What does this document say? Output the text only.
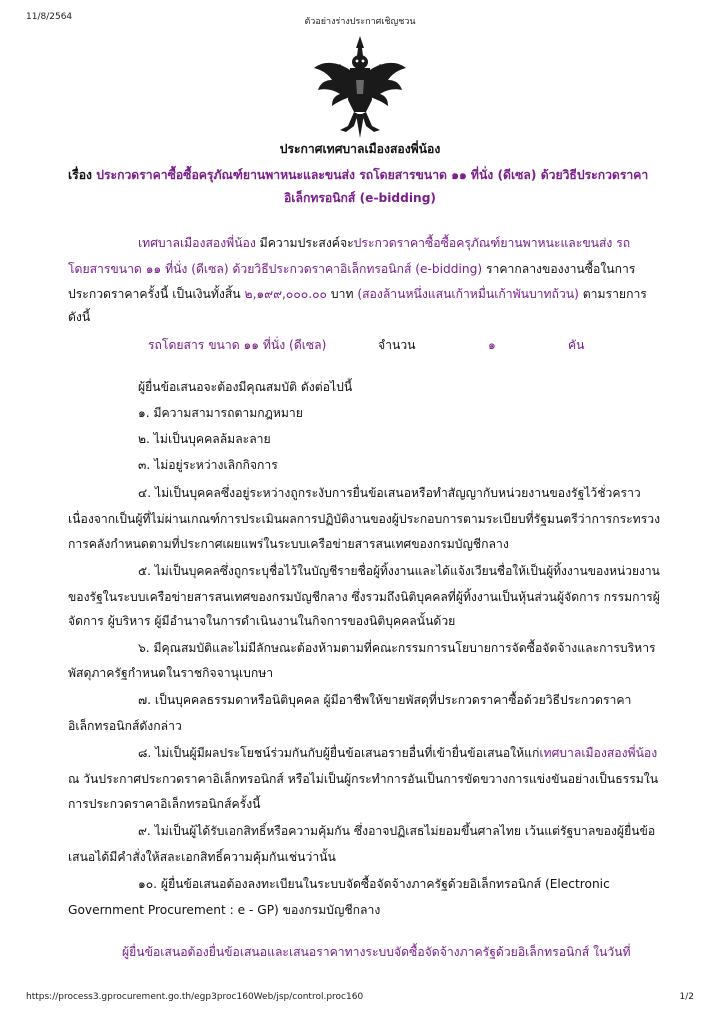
11/8/2564	ตัวอย่างร่างประกาศเชิญชวน
ประกาศเทศบาลเมืองสองพี่น้อง
เรื่อง ประกวดราคาซื้อซื้อครุภัณฑ์ยานพาหนะและขนส่ง รถโดยสารขนาด ๑๑ ที่นั่ง (ดีเซล) ด้วยวิธีประกวดราคา
อิเล็กทรอนิกส์ (e-bidding)
เทศบาลเมืองสองพี่น้อง มีความประสงค์จะประกวดราคาซื้อซื้อครุภัณฑ์ยานพาหนะและขนส่ง รถ
โดยสารขนาด ๑๑ ที่นั่ง (ดีเซล) ด้วยวิธีประกวดราคาอิเล็กทรอนิกส์ (e-bidding) ราคากลางของงานซื้อในการ
ประกวดราคาครั้งนี้ เป็นเงินทั้งสิ้น ๒,๑๙๙,๐๐๐.๐๐ บาท (สองล้านหนึ่งแสนเก้าหมื่นเก้าพันบาทถ้วน) ตามรายการ
ดังนี้
รถโดยสาร ขนาด ๑๑ ที่นั่ง (ดีเซล)	จำนวน	๑	คัน
ผู้ยื่นข้อเสนอจะต้องมีคุณสมบัติ ดังต่อไปนี้
๑. มีความสามารถตามกฎหมาย
๒. ไม่เป็นบุคคลล้มละลาย
๓. ไม่อยู่ระหว่างเลิกกิจการ
๔. ไม่เป็นบุคคลซึ่งอยู่ระหว่างถูกระงับการยื่นข้อเสนอหรือทำสัญญากับหน่วยงานของรัฐไว้ชั่วคราว
เนื่องจากเป็นผู้ที่ไม่ผ่านเกณฑ์การประเมินผลการปฏิบัติงานของผู้ประกอบการตามระเบียบที่รัฐมนตรีว่าการกระทรวง
การคลังกำหนดตามที่ประกาศเผยแพร่ในระบบเครือข่ายสารสนเทศของกรมบัญชีกลาง
๕. ไม่เป็นบุคคลซึ่งถูกระบุชื่อไว้ในบัญชีรายชื่อผู้ทิ้งงานและได้แจ้งเวียนชื่อให้เป็นผู้ทิ้งงานของหน่วยงาน
ของรัฐในระบบเครือข่ายสารสนเทศของกรมบัญชีกลาง ซึ่งรวมถึงนิติบุคคลที่ผู้ทิ้งงานเป็นหุ้นส่วนผู้จัดการ กรรมการผู้
จัดการ ผู้บริหาร ผู้มีอำนาจในการดำเนินงานในกิจการของนิติบุคคลนั้นด้วย
๖. มีคุณสมบัติและไม่มีลักษณะต้องห้ามตามที่คณะกรรมการนโยบายการจัดซื้อจัดจ้างและการบริหาร
พัสดุภาครัฐกำหนดในราชกิจจานุเบกษา
๗. เป็นบุคคลธรรมดาหรือนิติบุคคล ผู้มีอาชีพให้ขายพัสดุที่ประกวดราคาซื้อด้วยวิธีประกวดราคา
อิเล็กทรอนิกส์ดังกล่าว
๘. ไม่เป็นผู้มีผลประโยชน์ร่วมกันกับผู้ยื่นข้อเสนอรายอื่นที่เข้ายื่นข้อเสนอให้แก่เทศบาลเมืองสองพี่น้อง
ณ วันประกาศประกวดราคาอิเล็กทรอนิกส์ หรือไม่เป็นผู้กระทำการอันเป็นการขัดขวางการแข่งขันอย่างเป็นธรรมใน
การประกวดราคาอิเล็กทรอนิกส์ครั้งนี้
๙. ไม่เป็นผู้ได้รับเอกสิทธิ์หรือความคุ้มกัน ซึ่งอาจปฏิเสธไม่ยอมขึ้นศาลไทย เว้นแต่รัฐบาลของผู้ยื่นข้อ
เสนอได้มีคำสั่งให้สละเอกสิทธิ์ความคุ้มกันเช่นว่านั้น
๑๐. ผู้ยื่นข้อเสนอต้องลงทะเบียนในระบบจัดซื้อจัดจ้างภาครัฐด้วยอิเล็กทรอนิกส์ (Electronic
Government Procurement : e - GP) ของกรมบัญชีกลาง
ผู้ยื่นข้อเสนอต้องยื่นข้อเสนอและเสนอราคาทางระบบจัดซื้อจัดจ้างภาครัฐด้วยอิเล็กทรอนิกส์ ในวันที่
https://process3.gprocurement.go.th/egp3proc160Web/jsp/control.proc160	1/2
